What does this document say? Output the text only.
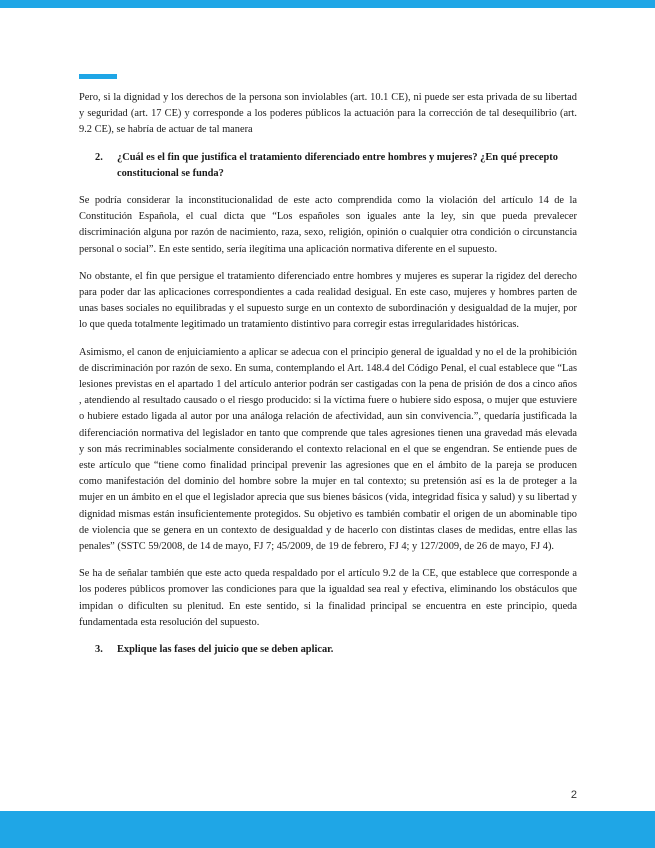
Pero, si la dignidad y los derechos de la persona son inviolables (art. 10.1 CE), ni puede ser esta privada de su libertad y seguridad (art. 17 CE) y corresponde a los poderes públicos la actuación para la corrección de tal desequilibrio (art. 9.2 CE), se habría de actuar de tal manera

2.	¿Cuál es el fin que justifica el tratamiento diferenciado entre hombres y mujeres? ¿En qué precepto constitucional se funda?

Se podría considerar la inconstitucionalidad de este acto comprendida como la violación del artículo 14 de la Constitución Española, el cual dicta que “Los españoles son iguales ante la ley, sin que pueda prevalecer discriminación alguna por razón de nacimiento, raza, sexo, religión, opinión o cualquier otra condición o circunstancia personal o social”. En este sentido, sería ilegítima una aplicación normativa diferente en el supuesto.

No obstante, el fin que persigue el tratamiento diferenciado entre hombres y mujeres es superar la rigidez del derecho para poder dar las aplicaciones correspondientes a cada realidad desigual. En este caso, mujeres y hombres parten de unas bases sociales no equilibradas y el supuesto surge en un contexto de subordinación y desigualdad de la mujer, por lo que queda totalmente legitimado un tratamiento distintivo para corregir estas irregularidades históricas.

Asimismo, el canon de enjuiciamiento a aplicar se adecua con el principio general de igualdad y no el de la prohibición de discriminación por razón de sexo. En suma, contemplando el Art. 148.4 del Código Penal, el cual establece que “Las lesiones previstas en el apartado 1 del artículo anterior podrán ser castigadas con la pena de prisión de dos a cinco años , atendiendo al resultado causado o el riesgo producido: si la víctima fuere o hubiere sido esposa, o mujer que estuviere o hubiere estado ligada al autor por una análoga relación de afectividad, aun sin convivencia.”, quedaría justificada la diferenciación normativa del legislador en tanto que comprende que tales agresiones tienen una gravedad más elevada y son más recriminables socialmente considerando el contexto relacional en el que se engendran. Se entiende pues de este artículo que “tiene como finalidad principal prevenir las agresiones que en el ámbito de la pareja se producen como manifestación del dominio del hombre sobre la mujer en tal contexto; su pretensión así es la de proteger a la mujer en un ámbito en el que el legislador aprecia que sus bienes básicos (vida, integridad física y salud) y su libertad y dignidad mismas están insuficientemente protegidos. Su objetivo es también combatir el origen de un abominable tipo de violencia que se genera en un contexto de desigualdad y de hacerlo con distintas clases de medidas, entre ellas las penales” (SSTC 59/2008, de 14 de mayo, FJ 7; 45/2009, de 19 de febrero, FJ 4; y 127/2009, de 26 de mayo, FJ 4).

Se ha de señalar también que este acto queda respaldado por el artículo 9.2 de la CE, que establece que corresponde a los poderes públicos promover las condiciones para que la igualdad sea real y efectiva, eliminando los obstáculos que impidan o dificulten su plenitud. En este sentido, si la finalidad principal se encuentra en este principio, queda fundamentada esta resolución del supuesto.

3.	Explique las fases del juicio que se deben aplicar.
2
